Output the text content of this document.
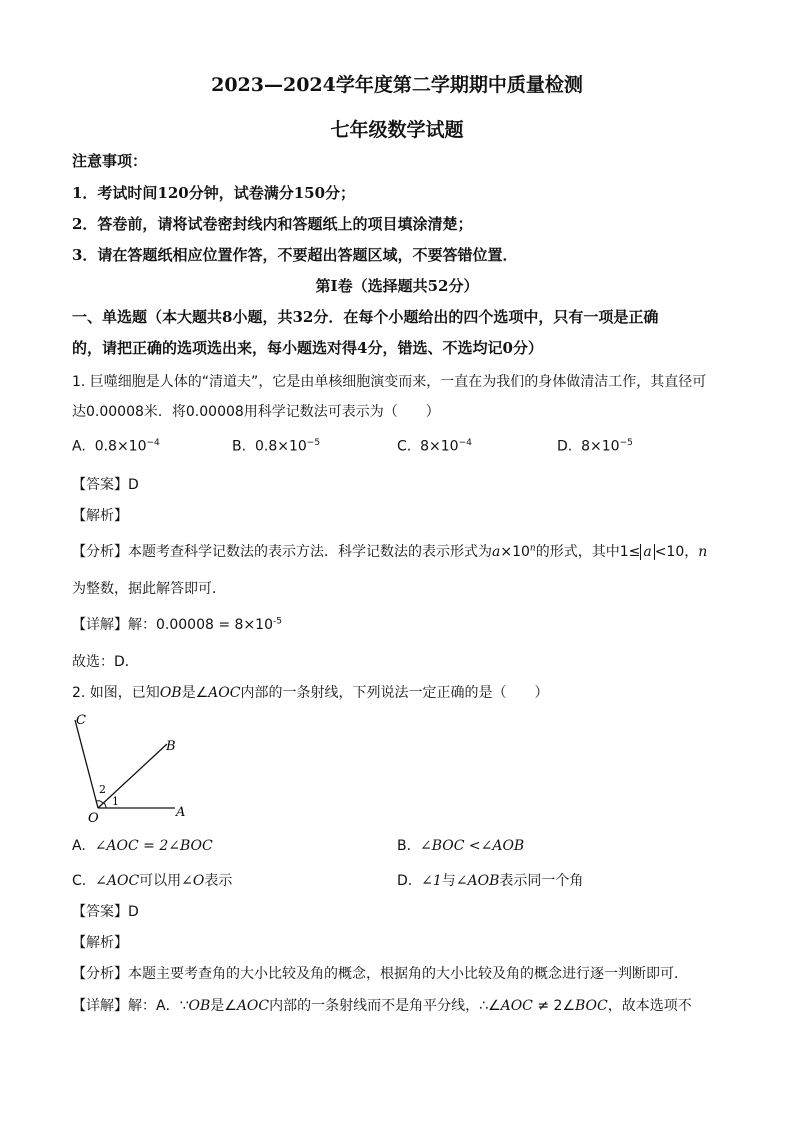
2023—2024学年度第二学期期中质量检测
七年级数学试题
注意事项：
1．考试时间120分钟，试卷满分150分；
2．答卷前，请将试卷密封线内和答题纸上的项目填涂清楚；
3．请在答题纸相应位置作答，不要超出答题区域，不要答错位置．
第Ⅰ卷（选择题共52分）
一、单选题（本大题共8小题，共32分．在每个小题给出的四个选项中，只有一项是正确
的，请把正确的选项选出来，每小题选对得4分，错选、不选均记0分）
1. 巨噬细胞是人体的“清道夫”，它是由单核细胞演变而来，一直在为我们的身体做清洁工作，其直径可
达0.00008米．将0.00008用科学记数法可表示为（　　）
A. $0.8\times 10^{-4}$	B. $0.8\times 10^{-5}$	C. $8\times 10^{-4}$	D. $8\times 10^{-5}$
【答案】D
【解析】
【分析】本题考查科学记数法的表示方法．科学记数法的表示形式为$a\times 10^n$的形式，其中1≤ a <10，n
为整数，据此解答即可．
【详解】解：$0.00008 = 8\times 10^{-5}$
故选：D．
2. 如图，已知OB是∠AOC内部的一条射线，下列说法一定正确的是（　　）
C
B
O	A
1
2
A. ∠AOC = 2∠BOC	B. ∠BOC <∠AOB
C. ∠AOC可以用∠O表示	D. ∠1与∠AOB表示同一个角
【答案】D
【解析】
【分析】本题主要考查角的大小比较及角的概念，根据角的大小比较及角的概念进行逐一判断即可．
【详解】解：A．∵OB是∠AOC内部的一条射线而不是角平分线，∴∠AOC ≠ 2∠BOC，故本选项不
